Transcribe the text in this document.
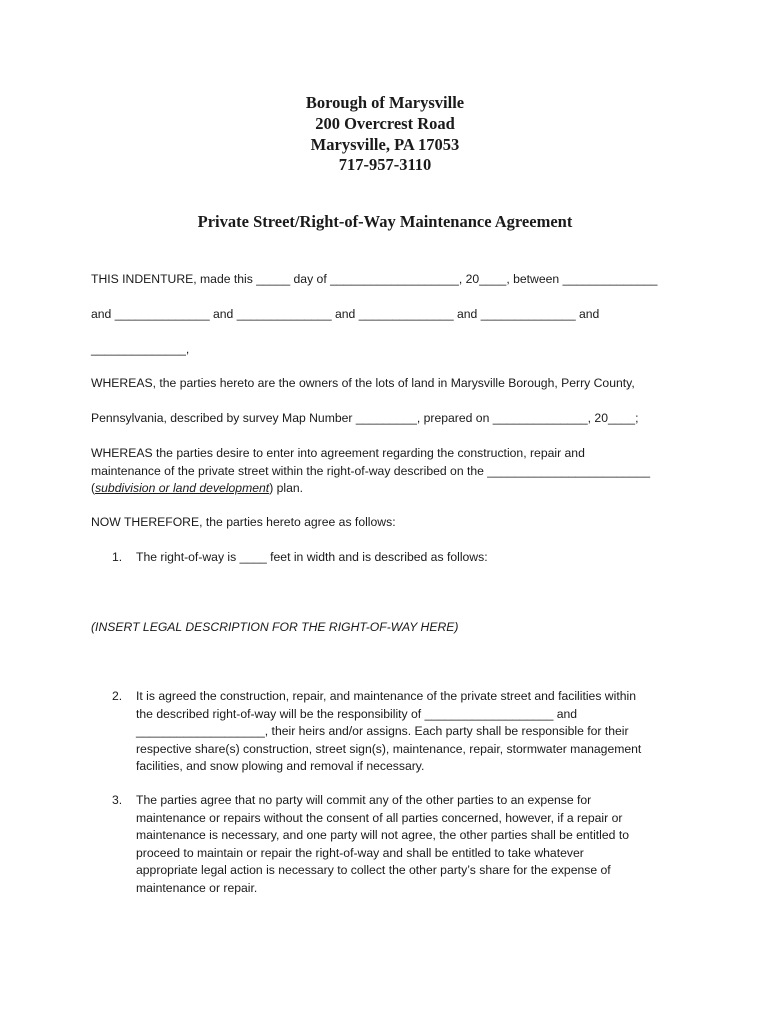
Borough of Marysville
200 Overcrest Road
Marysville, PA 17053
717-957-3110
Private Street/Right-of-Way Maintenance Agreement
THIS INDENTURE, made this _____ day of ___________________, 20____, between ______________
and ______________ and ______________ and ______________ and ______________ and
______________,
WHEREAS, the parties hereto are the owners of the lots of land in Marysville Borough, Perry County,
Pennsylvania, described by survey Map Number _________, prepared on ______________, 20____;
WHEREAS the parties desire to enter into agreement regarding the construction, repair and
maintenance of the private street within the right-of-way described on the ________________________
(subdivision or land development) plan.
NOW THEREFORE, the parties hereto agree as follows:
1. The right-of-way is ____ feet in width and is described as follows:
(INSERT LEGAL DESCRIPTION FOR THE RIGHT-OF-WAY HERE)
2. It is agreed the construction, repair, and maintenance of the private street and facilities within
the described right-of-way will be the responsibility of ___________________ and
___________________, their heirs and/or assigns. Each party shall be responsible for their
respective share(s) construction, street sign(s), maintenance, repair, stormwater management
facilities, and snow plowing and removal if necessary.
3. The parties agree that no party will commit any of the other parties to an expense for
maintenance or repairs without the consent of all parties concerned, however, if a repair or
maintenance is necessary, and one party will not agree, the other parties shall be entitled to
proceed to maintain or repair the right-of-way and shall be entitled to take whatever
appropriate legal action is necessary to collect the other party’s share for the expense of
maintenance or repair.
